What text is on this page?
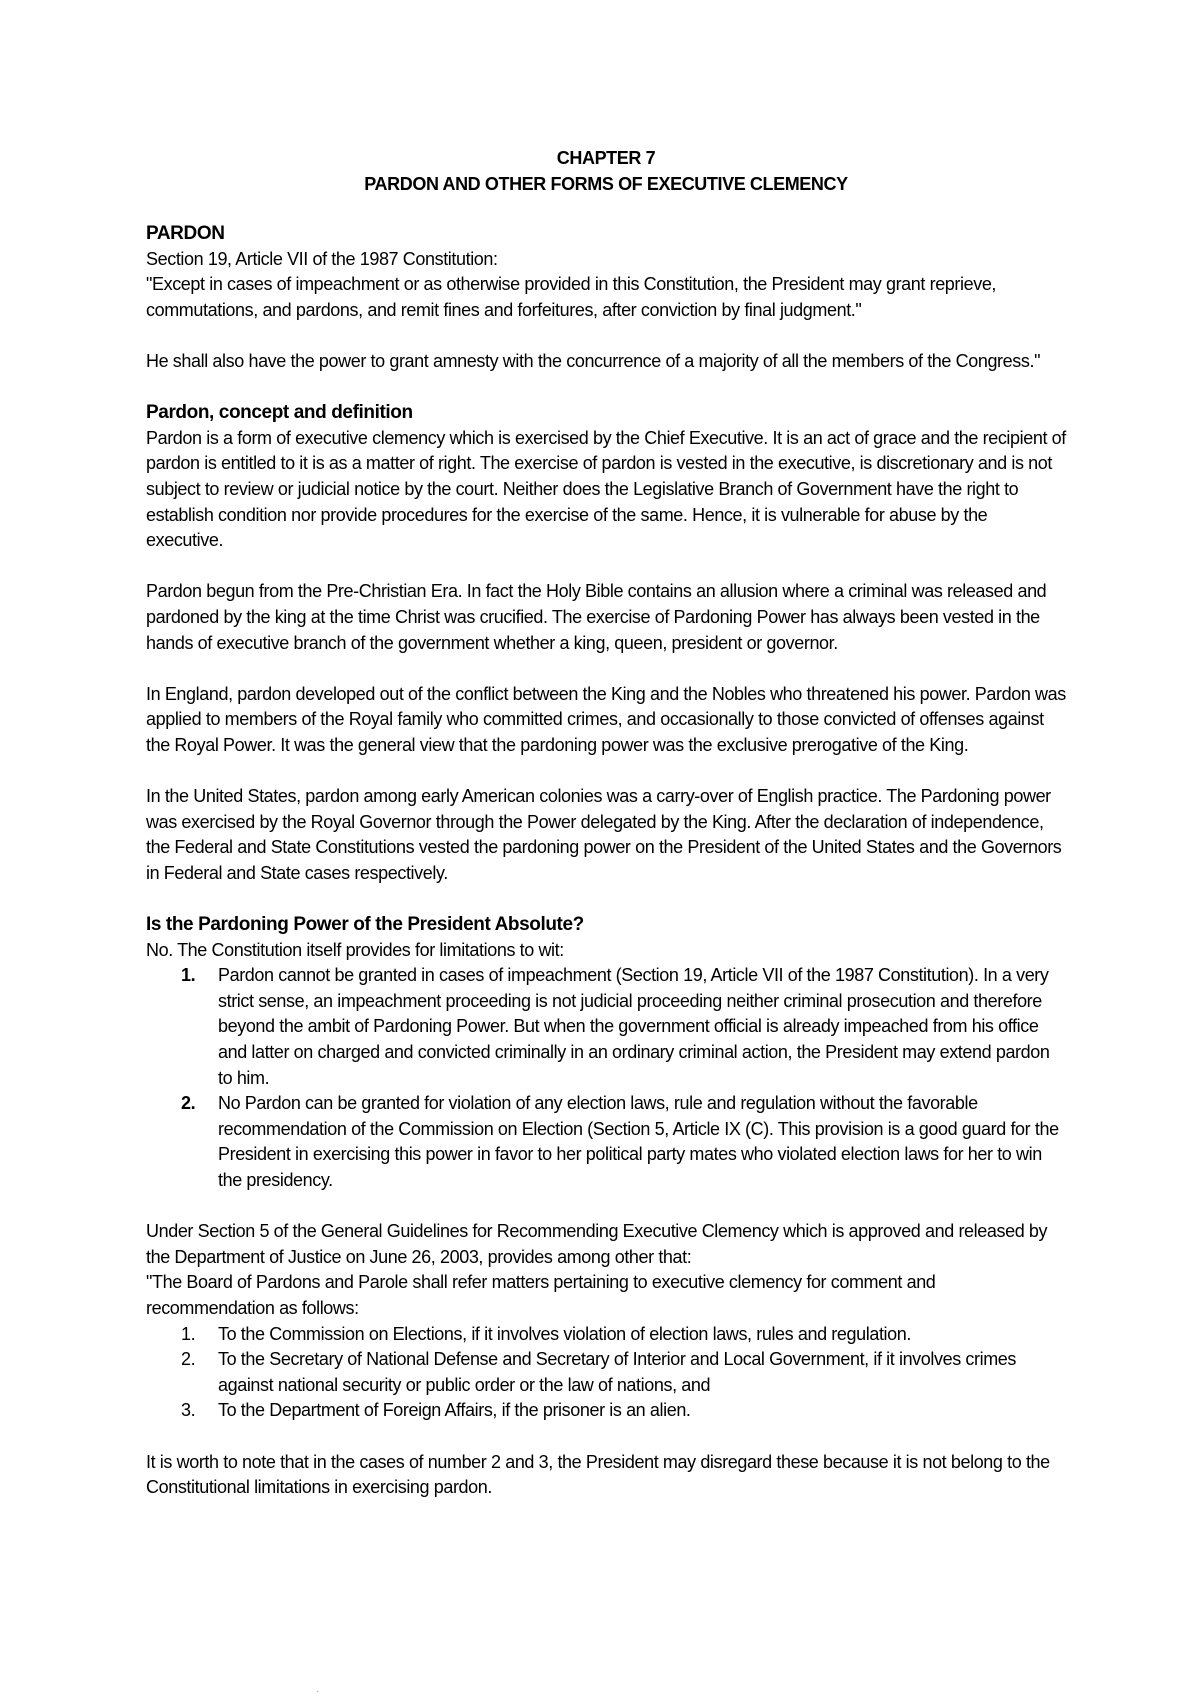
CHAPTER 7
PARDON AND OTHER FORMS OF EXECUTIVE CLEMENCY

PARDON

Section 19, Article VII of the 1987 Constitution:

"Except in cases of impeachment or as otherwise provided in this Constitution, the President may grant reprieve, commutations, and pardons, and remit fines and forfeitures, after conviction by final judgment."

He shall also have the power to grant amnesty with the concurrence of a majority of all the members of the Congress."

Pardon, concept and definition

Pardon is a form of executive clemency which is exercised by the Chief Executive. It is an act of grace and the recipient of pardon is entitled to it is as a matter of right. The exercise of pardon is vested in the executive, is discretionary and is not subject to review or judicial notice by the court. Neither does the Legislative Branch of Government have the right to establish condition nor provide procedures for the exercise of the same. Hence, it is vulnerable for abuse by the executive.

Pardon begun from the Pre-Christian Era. In fact the Holy Bible contains an allusion where a criminal was released and pardoned by the king at the time Christ was crucified. The exercise of Pardoning Power has always been vested in the hands of executive branch of the government whether a king, queen, president or governor.

In England, pardon developed out of the conflict between the King and the Nobles who threatened his power. Pardon was applied to members of the Royal family who committed crimes, and occasionally to those convicted of offenses against the Royal Power. It was the general view that the pardoning power was the exclusive prerogative of the King.

In the United States, pardon among early American colonies was a carry-over of English practice. The Pardoning power was exercised by the Royal Governor through the Power delegated by the King. After the declaration of independence, the Federal and State Constitutions vested the pardoning power on the President of the United States and the Governors in Federal and State cases respectively.

Is the Pardoning Power of the President Absolute?

No. The Constitution itself provides for limitations to wit:

1. Pardon cannot be granted in cases of impeachment (Section 19, Article VII of the 1987 Constitution). In a very strict sense, an impeachment proceeding is not judicial proceeding neither criminal prosecution and therefore beyond the ambit of Pardoning Power. But when the government official is already impeached from his office and latter on charged and convicted criminally in an ordinary criminal action, the President may extend pardon to him.
2. No Pardon can be granted for violation of any election laws, rule and regulation without the favorable recommendation of the Commission on Election (Section 5, Article IX (C). This provision is a good guard for the President in exercising this power in favor to her political party mates who violated election laws for her to win the presidency.

Under Section 5 of the General Guidelines for Recommending Executive Clemency which is approved and released by the Department of Justice on June 26, 2003, provides among other that:

"The Board of Pardons and Parole shall refer matters pertaining to executive clemency for comment and recommendation as follows:

1. To the Commission on Elections, if it involves violation of election laws, rules and regulation.
2. To the Secretary of National Defense and Secretary of Interior and Local Government, if it involves crimes against national security or public order or the law of nations, and
3. To the Department of Foreign Affairs, if the prisoner is an alien.

It is worth to note that in the cases of number 2 and 3, the President may disregard these because it is not belong to the Constitutional limitations in exercising pardon.

·
